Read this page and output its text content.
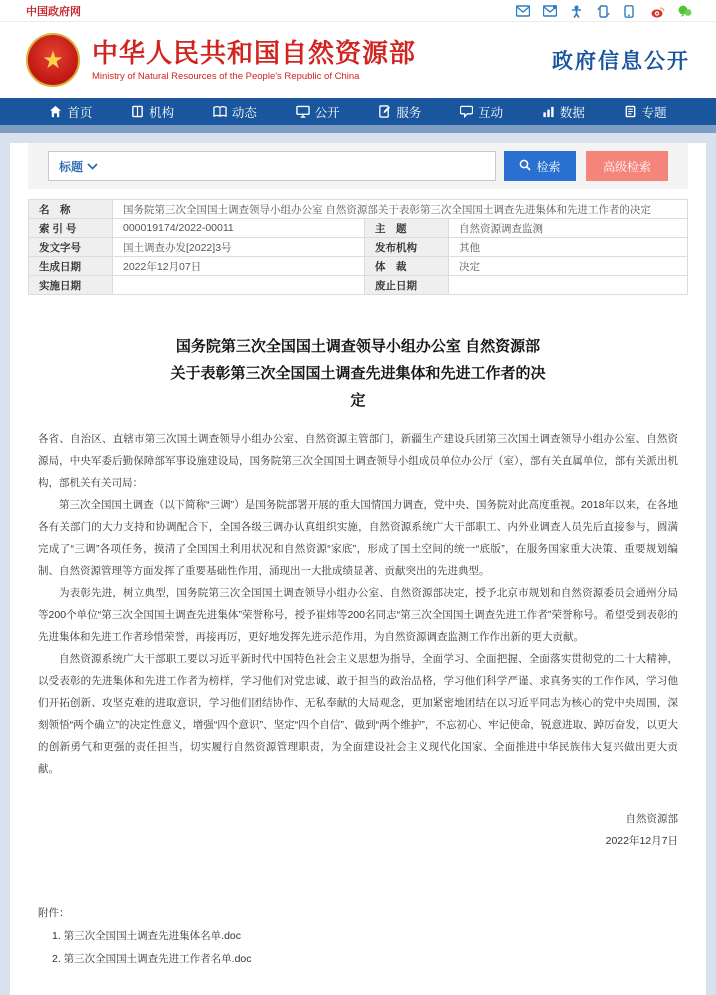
中国政府网
★	中华人民共和国自然资源部
Ministry of Natural Resources of the People's Republic of China
政府信息公开
首页	机构	动态	公开	服务	互动	数据	专题
标题	检索	高级检索
名　称	国务院第三次全国国土调查领导小组办公室 自然资源部关于表彰第三次全国国土调查先进集体和先进工作者的决定		
索 引 号	000019174/2022-00011	主　题	自然资源调查监测
发文字号	国土调查办发[2022]3号	发布机构	其他
生成日期	2022年12月07日	体　裁	决定
实施日期		废止日期	
国务院第三次全国国土调查领导小组办公室 自然资源部
关于表彰第三次全国国土调查先进集体和先进工作者的决定

各省、自治区、直辖市第三次国土调查领导小组办公室、自然资源主管部门，新疆生产建设兵团第三次国土调查领导小组办公室、自然资源局，中央军委后勤保障部军事设施建设局，国务院第三次全国国土调查领导小组成员单位办公厅（室），部有关直属单位，部有关派出机构，部机关有关司局：

第三次全国国土调查（以下简称“三调”）是国务院部署开展的重大国情国力调查，党中央、国务院对此高度重视。2018年以来，在各地各有关部门的大力支持和协调配合下，全国各级三调办认真组织实施，自然资源系统广大干部职工、内外业调查人员先后直接参与，圆满完成了“三调”各项任务，摸清了全国国土利用状况和自然资源“家底”，形成了国土空间的统一“底版”，在服务国家重大决策、重要规划编制、自然资源管理等方面发挥了重要基础性作用，涌现出一大批成绩显著、贡献突出的先进典型。

为表彰先进，树立典型，国务院第三次全国国土调查领导小组办公室、自然资源部决定，授予北京市规划和自然资源委员会通州分局等200个单位“第三次全国国土调查先进集体”荣誉称号，授予崔炜等200名同志“第三次全国国土调查先进工作者”荣誉称号。希望受到表彰的先进集体和先进工作者珍惜荣誉，再接再厉，更好地发挥先进示范作用，为自然资源调查监测工作作出新的更大贡献。

自然资源系统广大干部职工要以习近平新时代中国特色社会主义思想为指导，全面学习、全面把握、全面落实贯彻党的二十大精神，以受表彰的先进集体和先进工作者为榜样，学习他们对党忠诚、敢于担当的政治品格，学习他们科学严谨、求真务实的工作作风，学习他们开拓创新、攻坚克难的进取意识，学习他们团结协作、无私奉献的大局观念，更加紧密地团结在以习近平同志为核心的党中央周围，深刻领悟“两个确立”的决定性意义，增强“四个意识”、坚定“四个自信”、做到“两个维护”，不忘初心、牢记使命，锐意进取、踔厉奋发，以更大的创新勇气和更强的责任担当，切实履行自然资源管理职责，为全面建设社会主义现代化国家、全面推进中华民族伟大复兴做出更大贡献。

自然资源部
2022年12月7日
附件：
1. 第三次全国国土调查先进集体名单.doc
2. 第三次全国国土调查先进工作者名单.doc
